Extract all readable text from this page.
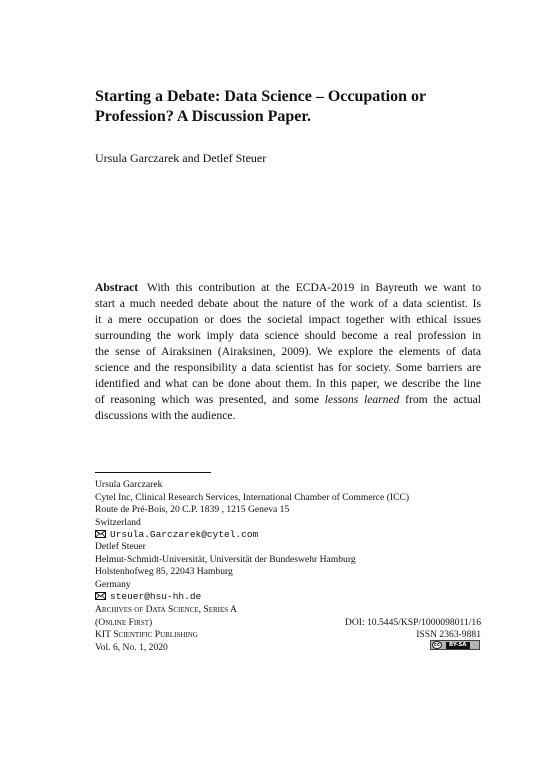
Starting a Debate: Data Science – Occupation or
Profession? A Discussion Paper.
Ursula Garczarek and Detlef Steuer
Abstract With this contribution at the ECDA-2019 in Bayreuth we want to
start a much needed debate about the nature of the work of a data scientist. Is
it a mere occupation or does the societal impact together with ethical issues
surrounding the work imply data science should become a real profession in
the sense of Airaksinen (Airaksinen, 2009). We explore the elements of data
science and the responsibility a data scientist has for society. Some barriers are
identified and what can be done about them. In this paper, we describe the line
of reasoning which was presented, and some lessons learned from the actual
discussions with the audience.
Ursula Garczarek
Cytel Inc, Clinical Research Services, International Chamber of Commerce (ICC)
Route de Pré-Bois, 20 C.P. 1839 , 1215 Geneva 15
Switzerland
Ursula.Garczarek@cytel.com
Detlef Steuer
Helmut-Schmidt-Universität, Universität der Bundeswehr Hamburg
Holstenhofweg 85, 22043 Hamburg
Germany
steuer@hsu-hh.de
Archives of Data Science, Series A
(Online First)	DOI: 10.5445/KSP/1000098011/16
KIT Scientific Publishing	ISSN 2363-9881
Vol. 6, No. 1, 2020	cc	BY-SA
